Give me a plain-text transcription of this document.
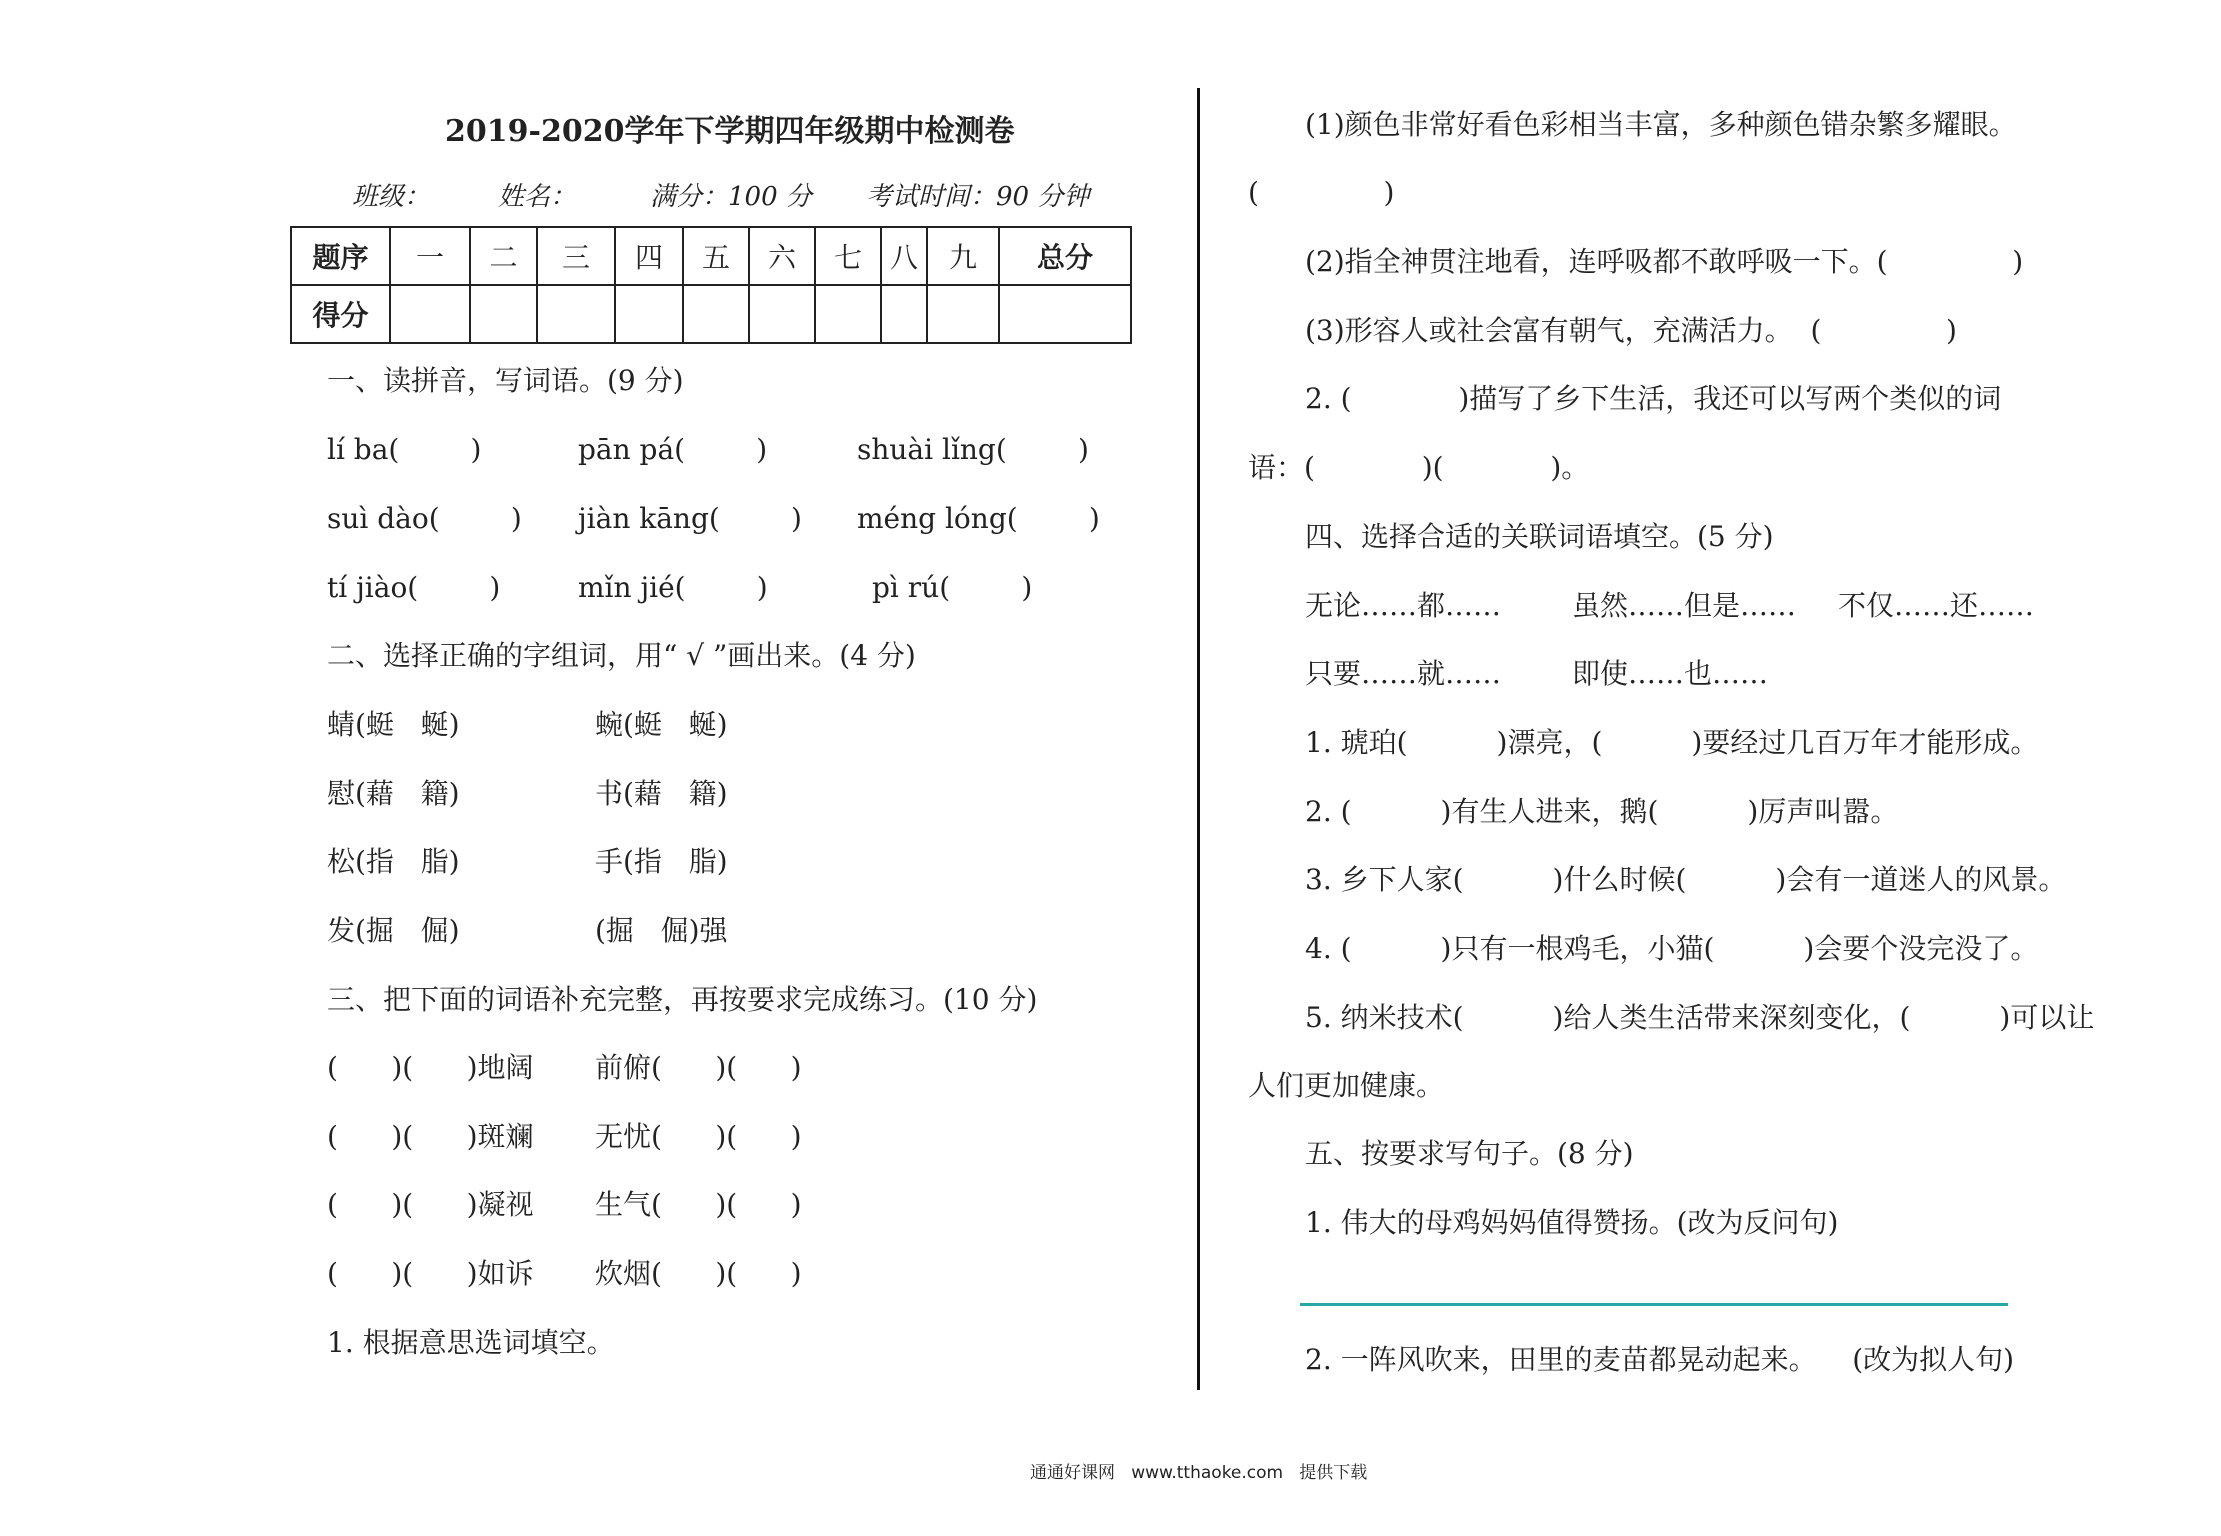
2019-2020学年下学期四年级期中检测卷
班级：	姓名：	满分：100 分 考试时间：90 分钟
题序	一	二	三	四	五	六	七	八	九	总分
得分										
一、读拼音，写词语。(9 分)
lí ba(        )	pān pá(        )	shuài lǐng(        )
suì dào(        ) jiàn kāng(        ) méng lóng(        )
tí jiào(        )	mǐn jié(        )	pì rú(        )
二、选择正确的字组词，用“ √ ”画出来。(4 分)
蜻(蜓   蜒)	蜿(蜓   蜒)
慰(藉   籍)	书(藉   籍)
松(指   脂)	手(指   脂)
发(掘   倔)	(掘   倔)强
三、把下面的词语补充完整，再按要求完成练习。(10 分)
(      )(      )地阔 前俯(      )(      )
(      )(      )斑斓 无忧(      )(      )
(      )(      )凝视 生气(      )(      )
(      )(      )如诉 炊烟(      )(      )
1. 根据意思选词填空。
(1)颜色非常好看色彩相当丰富，多种颜色错杂繁多耀眼。
(              )
(2)指全神贯注地看，连呼吸都不敢呼吸一下。(              )
(3)形容人或社会富有朝气，充满活力。  (              )
2. (            )描写了乡下生活，我还可以写两个类似的词
语：(            )(            )。
四、选择合适的关联词语填空。(5 分)
无论……都……	虽然……但是…… 不仅……还……
只要……就……	即使……也……
1. 琥珀(          )漂亮，(          )要经过几百万年才能形成。
2. (          )有生人进来，鹅(          )厉声叫嚣。
3. 乡下人家(          )什么时候(          )会有一道迷人的风景。
4. (          )只有一根鸡毛，小猫(          )会要个没完没了。
5. 纳米技术(          )给人类生活带来深刻变化，(          )可以让
人们更加健康。
五、按要求写句子。(8 分)
1. 伟大的母鸡妈妈值得赞扬。(改为反问句)
2. 一阵风吹来，田里的麦苗都晃动起来。    (改为拟人句)
通通好课网   www.tthaoke.com   提供下载
